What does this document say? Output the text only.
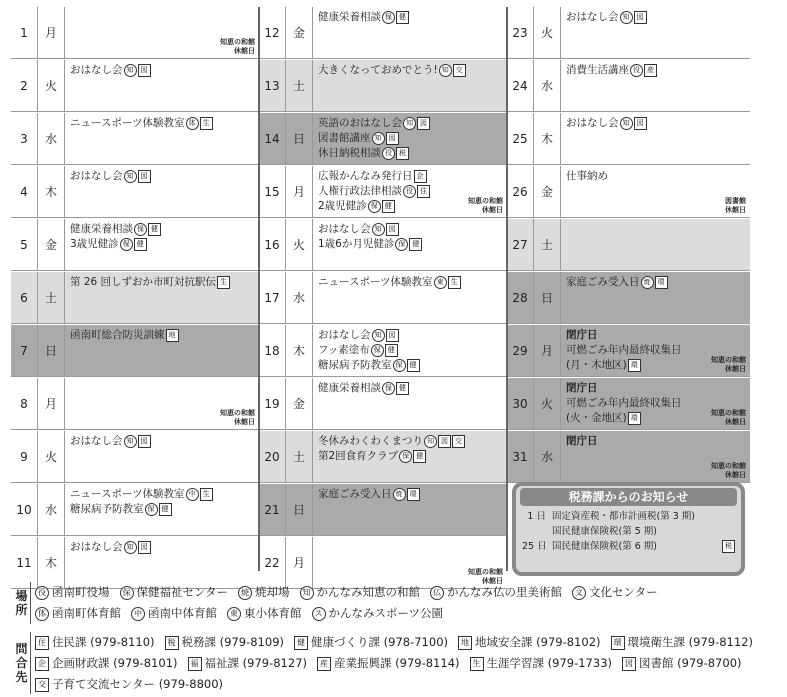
1	月
知恵の和館
休館日
2	火
おはなし会 知	図
3	水
ニュースポーツ体験教室 体	生
4	木
おはなし会 知	図
5	金
健康栄養相談 保	健
3歳児健診 保	健
6	土
第 26 回しずおか市町対抗駅伝 生
7	日
函南町総合防災訓練 地
8	月
知恵の和館
休館日
9	火
おはなし会 知	図
10	水
ニュースポーツ体験教室 中	生
糖尿病予防教室 保	健
11	木
おはなし会 知	図
12	金
健康栄養相談 保	健
13	土
大きくなっておめでとう! 知	交
14	日
英語のおはなし会 知	図
図書館講座 知	図
休日納税相談 役	税
15	月
広報かんなみ発行日 企
人権行政法律相談 役	住
2歳児健診 保	健
知恵の和館
休館日
16	火
おはなし会 知	図
1歳6か月児健診 保	健
17	水
ニュースポーツ体験教室 東	生
18	木
おはなし会 知	図
フッ素塗布 保	健
糖尿病予防教室 保	健
19	金
健康栄養相談 保	健
20	土
冬休みわくわくまつり 知	図	交
第2回食育クラブ 保	健
21	日
家庭ごみ受入日 焼	環
22	月
知恵の和館
休館日
23	火
おはなし会 知	図
24	水
消費生活講座 役	産
25	木
おはなし会 知	図
26	金
仕事納め
図書館
休館日
27	土
28	日
家庭ごみ受入日 焼	環
29	月
閉庁日
可燃ごみ年内最終収集日
(月・木地区) 環
知恵の和館
休館日
30	火
閉庁日
可燃ごみ年内最終収集日
(火・金地区) 環
知恵の和館
休館日
31	水
閉庁日
知恵の和館
休館日
税務課からのお知らせ
1 日 固定資産税・都市計画税(第 3 期)
国民健康保険税(第 5 期)
25 日 国民健康保険税(第 6 期)	税
場
所
役 函南町役場	保 保健福祉センター	焼 焼却場	知 かんなみ知恵の和館	仏 かんなみ仏の里美術館	文 文化センター
体 函南町体育館	中 函南中体育館	東 東小体育館	ス かんなみスポーツ公園
問
合
先
住 住民課 (979-8110)	税 税務課 (979-8109)	健 健康づくり課 (978-7100)	地 地域安全課 (979-8102)	環 環境衛生課 (979-8112)
企 企画財政課 (979-8101)	福 福祉課 (979-8127)	産 産業振興課 (979-8114)	生 生涯学習課 (979-1733)	図 図書館 (979-8700)
交 子育て交流センター (979-8800)
